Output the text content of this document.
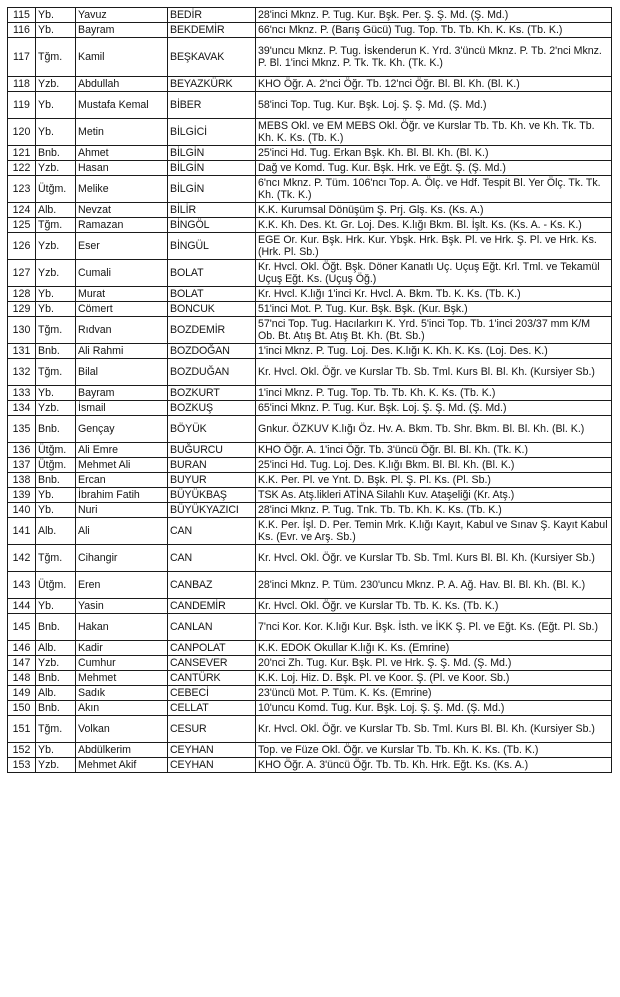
115	Yb.	Yavuz	BEDİR	28'inci Mknz. P. Tug. Kur. Bşk. Per. Ş. Ş. Md. (Ş. Md.)
116	Yb.	Bayram	BEKDEMİR	66'ncı Mknz. P. (Barış Gücü) Tug. Top. Tb. Tb. Kh. K. Ks. (Tb. K.)
117	Tğm.	Kamil	BEŞKAVAK	39'uncu Mknz. P. Tug. İskenderun K. Yrd. 3'üncü Mknz. P. Tb. 2'nci Mknz. P. Bl. 1'inci Mknz. P. Tk. Tk. Kh. (Tk. K.)
118	Yzb.	Abdullah	BEYAZKÜRK	KHO Öğr. A. 2'nci Öğr. Tb. 12'nci Öğr. Bl. Bl. Kh. (Bl. K.)
119	Yb.	Mustafa Kemal	BİBER	58'inci Top. Tug. Kur. Bşk. Loj. Ş. Ş. Md. (Ş. Md.)
120	Yb.	Metin	BİLGİCİ	MEBS Okl. ve EM MEBS Okl. Öğr. ve Kurslar Tb. Tb. Kh. ve Kh. Tk. Tb. Kh. K. Ks. (Tb. K.)
121	Bnb.	Ahmet	BİLGİN	25'inci Hd. Tug. Erkan Bşk. Kh. Bl. Bl. Kh. (Bl. K.)
122	Yzb.	Hasan	BİLGİN	Dağ ve Komd. Tug. Kur. Bşk. Hrk. ve Eğt. Ş. (Ş. Md.)
123	Ütğm.	Melike	BİLGİN	6'ncı Mknz. P. Tüm. 106'ncı Top. A. Ölç. ve Hdf. Tespit Bl. Yer Ölç. Tk. Tk. Kh. (Tk. K.)
124	Alb.	Nevzat	BİLİR	K.K. Kurumsal Dönüşüm Ş. Prj. Glş. Ks. (Ks. A.)
125	Tğm.	Ramazan	BİNGÖL	K.K. Kh. Des. Kt. Gr. Loj. Des. K.lığı Bkm. Bl. İşlt. Ks. (Ks. A. - Ks. K.)
126	Yzb.	Eser	BİNGÜL	EGE Or. Kur. Bşk. Hrk. Kur. Ybşk. Hrk. Bşk. Pl. ve Hrk. Ş. Pl. ve Hrk. Ks. (Hrk. Pl. Sb.)
127	Yzb.	Cumali	BOLAT	Kr. Hvcl. Okl. Öğt. Bşk. Döner Kanatlı Uç. Uçuş Eğt. Krl. Tml. ve Tekamül Uçuş Eğt. Ks. (Uçuş Öğ.)
128	Yb.	Murat	BOLAT	Kr. Hvcl. K.lığı 1'inci Kr. Hvcl. A. Bkm. Tb. K. Ks. (Tb. K.)
129	Yb.	Cömert	BONCUK	51'inci Mot. P. Tug. Kur. Bşk. Bşk. (Kur. Bşk.)
130	Tğm.	Rıdvan	BOZDEMİR	57'nci Top. Tug. Hacılarkırı K. Yrd. 5'inci Top. Tb. 1'inci 203/37 mm K/M Ob. Bt. Atış Bt. Atış Bt. Kh. (Bt. Sb.)
131	Bnb.	Ali Rahmi	BOZDOĞAN	1'inci Mknz. P. Tug. Loj. Des. K.lığı K. Kh. K. Ks. (Loj. Des. K.)
132	Tğm.	Bilal	BOZDUĞAN	Kr. Hvcl. Okl. Öğr. ve Kurslar Tb. Sb. Tml. Kurs Bl. Bl. Kh. (Kursiyer Sb.)
133	Yb.	Bayram	BOZKURT	1'inci Mknz. P. Tug. Top. Tb. Tb. Kh. K. Ks. (Tb. K.)
134	Yzb.	İsmail	BOZKUŞ	65'inci Mknz. P. Tug. Kur. Bşk. Loj. Ş. Ş. Md. (Ş. Md.)
135	Bnb.	Gençay	BÖYÜK	Gnkur. ÖZKUV K.lığı Öz. Hv. A. Bkm. Tb. Shr. Bkm. Bl. Bl. Kh. (Bl. K.)
136	Ütğm.	Ali Emre	BUĞURCU	KHO Öğr. A. 1'inci Öğr. Tb. 3'üncü Öğr. Bl. Bl. Kh. (Tk. K.)
137	Ütğm.	Mehmet Ali	BURAN	25'inci Hd. Tug. Loj. Des. K.lığı Bkm. Bl. Bl. Kh. (Bl. K.)
138	Bnb.	Ercan	BUYUR	K.K. Per. Pl. ve Ynt. D. Bşk. Pl. Ş. Pl. Ks. (Pl. Sb.)
139	Yb.	İbrahim Fatih	BÜYÜKBAŞ	TSK As. Atş.likleri ATİNA Silahlı Kuv. Ataşeliği (Kr. Atş.)
140	Yb.	Nuri	BÜYÜKYAZICI	28'inci Mknz. P. Tug. Tnk. Tb. Tb. Kh. K. Ks. (Tb. K.)
141	Alb.	Ali	CAN	K.K. Per. İşl. D. Per. Temin Mrk. K.lığı Kayıt, Kabul ve Sınav Ş. Kayıt Kabul Ks. (Evr. ve Arş. Sb.)
142	Tğm.	Cihangir	CAN	Kr. Hvcl. Okl. Öğr. ve Kurslar Tb. Sb. Tml. Kurs Bl. Bl. Kh. (Kursiyer Sb.)
143	Ütğm.	Eren	CANBAZ	28'inci Mknz. P. Tüm. 230'uncu Mknz. P. A. Ağ. Hav. Bl. Bl. Kh. (Bl. K.)
144	Yb.	Yasin	CANDEMİR	Kr. Hvcl. Okl. Öğr. ve Kurslar Tb. Tb. K. Ks. (Tb. K.)
145	Bnb.	Hakan	CANLAN	7'nci Kor. Kor. K.lığı Kur. Bşk. İsth. ve İKK Ş. Pl. ve Eğt. Ks. (Eğt. Pl. Sb.)
146	Alb.	Kadir	CANPOLAT	K.K. EDOK Okullar K.lığı K. Ks. (Emrine)
147	Yzb.	Cumhur	CANSEVER	20'nci Zh. Tug. Kur. Bşk. Pl. ve Hrk. Ş. Ş. Md. (Ş. Md.)
148	Bnb.	Mehmet	CANTÜRK	K.K. Loj. Hiz. D. Bşk. Pl. ve Koor. Ş. (Pl. ve Koor. Sb.)
149	Alb.	Sadık	CEBECİ	23'üncü Mot. P. Tüm. K. Ks. (Emrine)
150	Bnb.	Akın	CELLAT	10'uncu Komd. Tug. Kur. Bşk. Loj. Ş. Ş. Md. (Ş. Md.)
151	Tğm.	Volkan	CESUR	Kr. Hvcl. Okl. Öğr. ve Kurslar Tb. Sb. Tml. Kurs Bl. Bl. Kh. (Kursiyer Sb.)
152	Yb.	Abdülkerim	CEYHAN	Top. ve Füze Okl. Öğr. ve Kurslar Tb. Tb. Kh. K. Ks. (Tb. K.)
153	Yzb.	Mehmet Akif	CEYHAN	KHO Öğr. A. 3'üncü Öğr. Tb. Tb. Kh. Hrk. Eğt. Ks. (Ks. A.)
